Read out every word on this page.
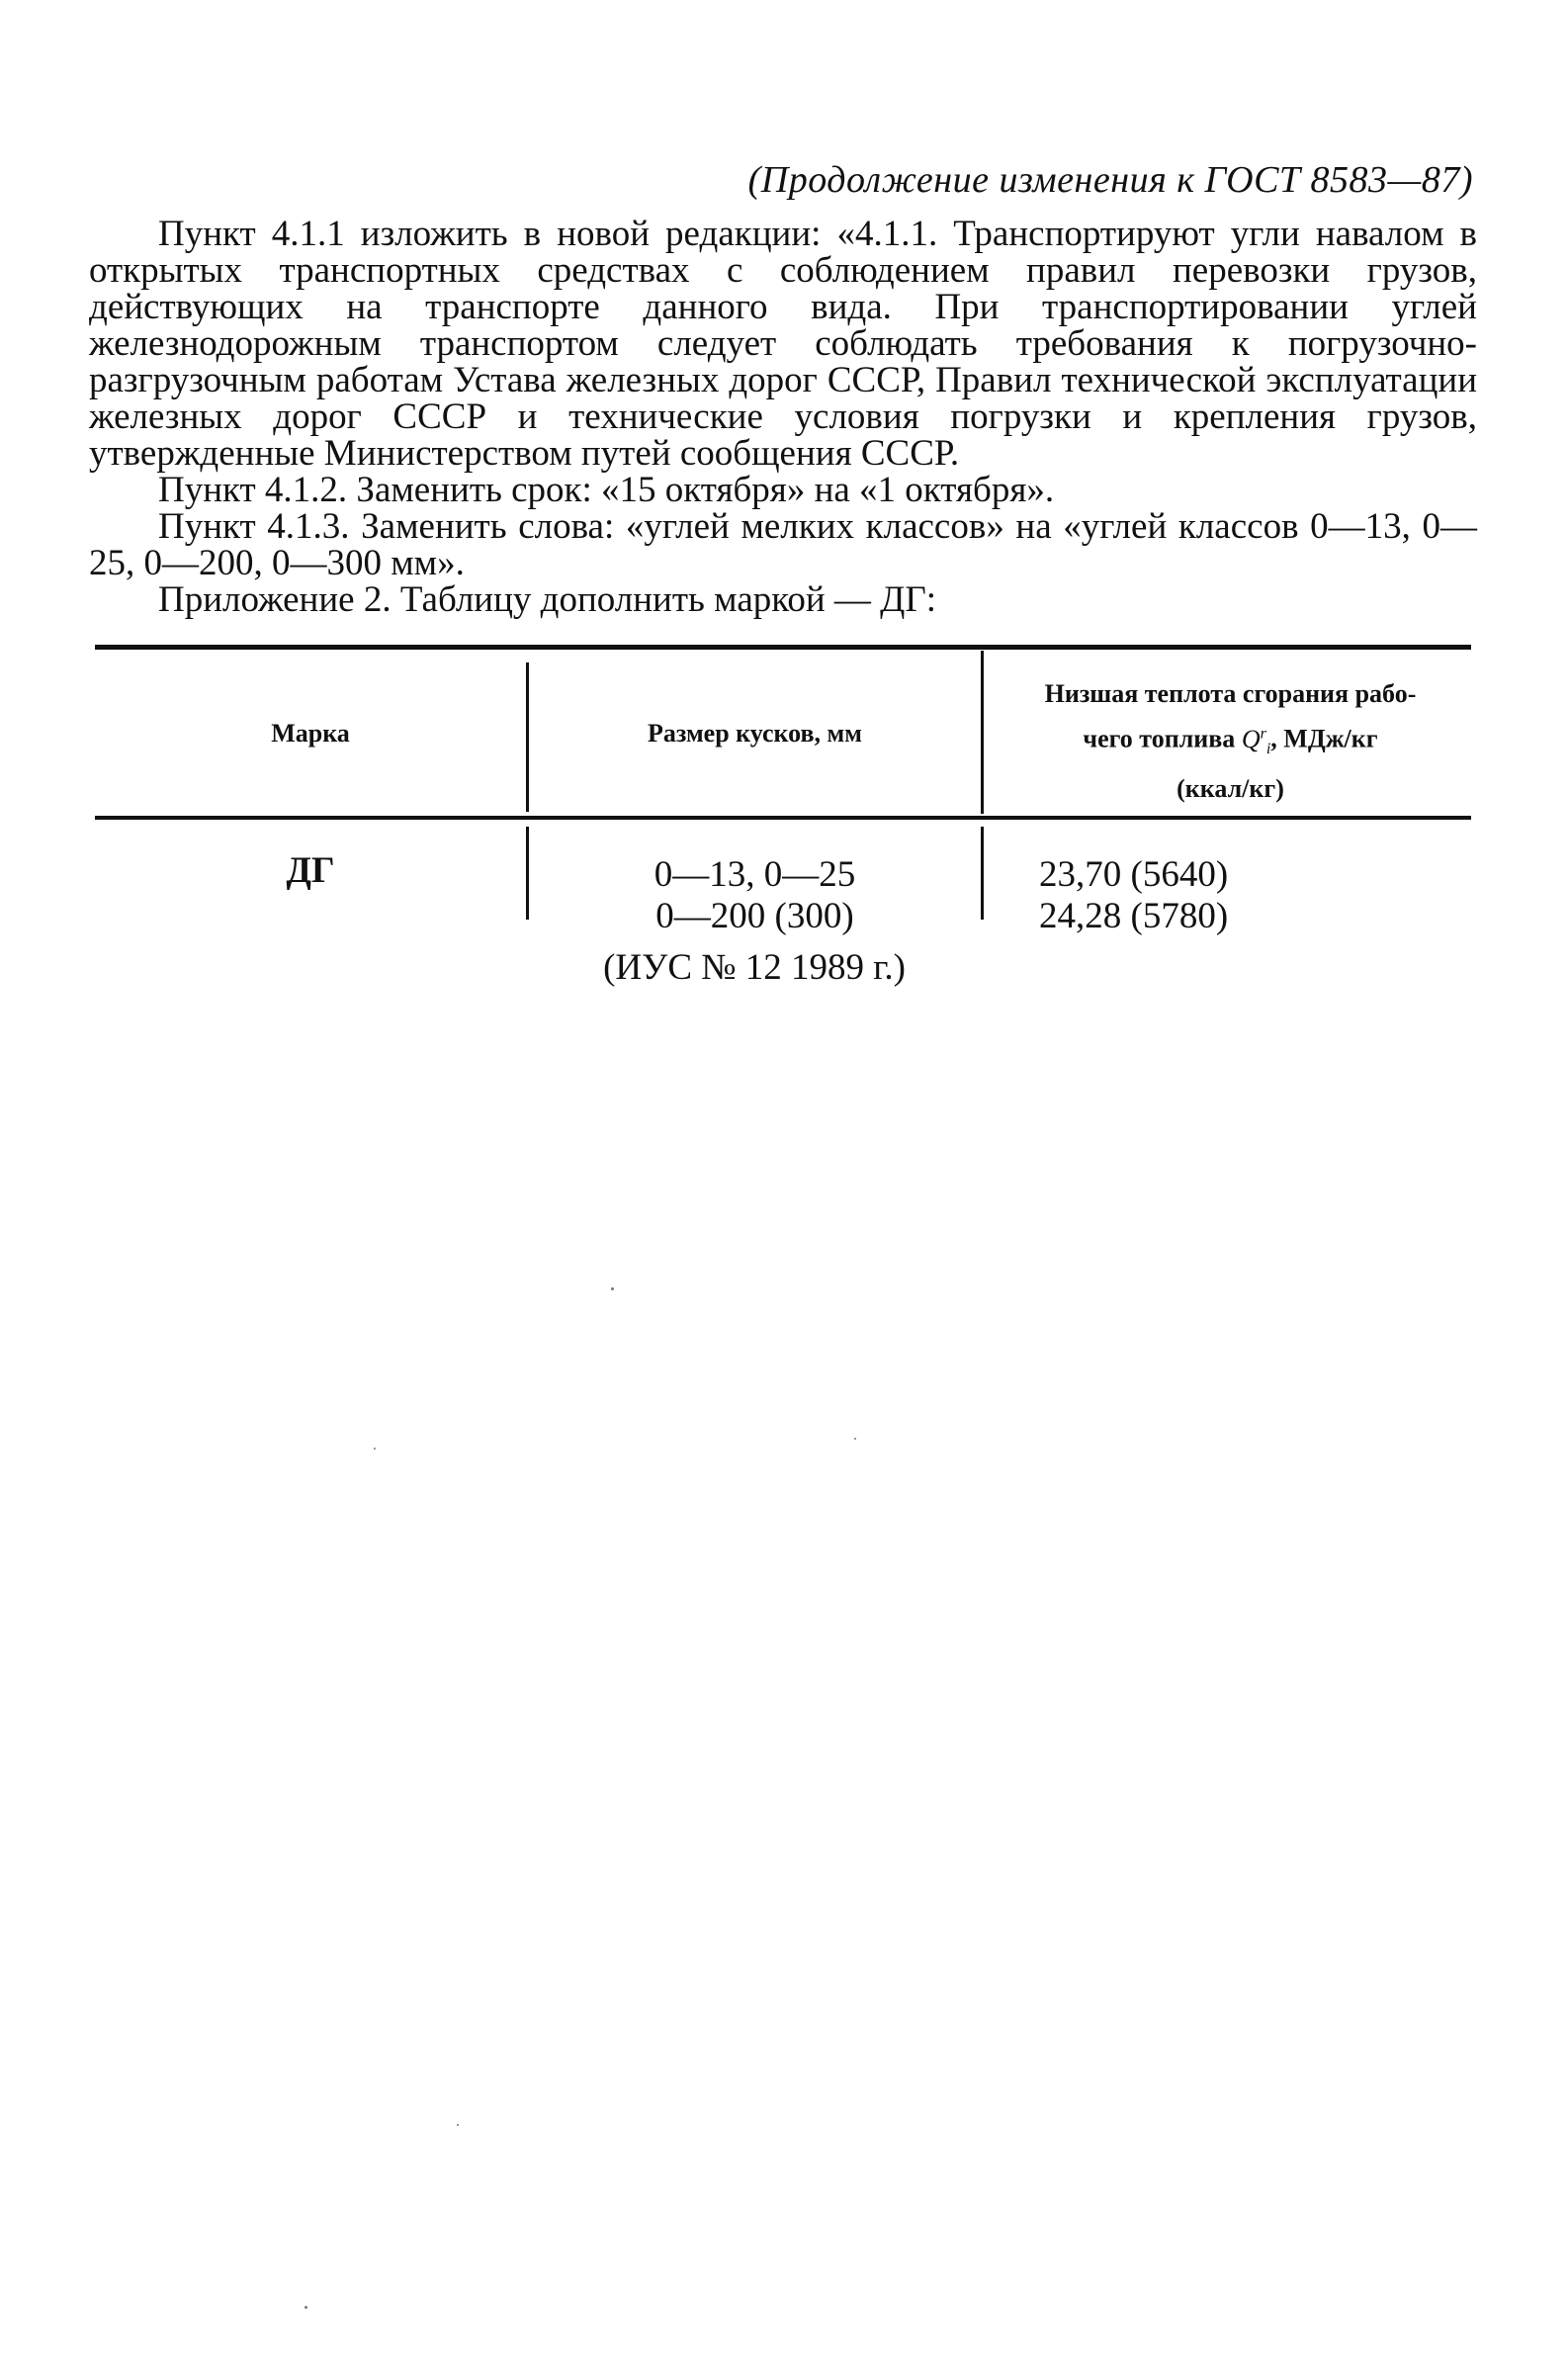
(Продолжение изменения к ГОСТ 8583—87)

Пункт 4.1.1 изложить в новой редакции: «4.1.1. Транспортируют угли навалом в открытых транспортных средствах с соблюдением правил перевозки грузов, действующих на транспорте данного вида. При транспортировании углей железнодорожным транспортом следует соблюдать требования к погрузочно-разгрузочным работам Устава железных дорог СССР, Правил технической эксплуатации железных дорог СССР и технические условия погрузки и крепления грузов, утвержденные Министерством путей сообщения СССР.

Пункт 4.1.2. Заменить срок: «15 октября» на «1 октября».

Пункт 4.1.3. Заменить слова: «углей мелких классов» на «углей классов 0—13, 0—25, 0—200, 0—300 мм».

Приложение 2. Таблицу дополнить маркой — ДГ:

Марка	Размер кусков, мм
Низшая теплота сгорания рабо-
чего топлива $Q^r_i$, МДж/кг
(ккал/кг)
ДГ	0—13, 0—25
0—200 (300)
23,70 (5640)
24,28 (5780)
(ИУС № 12 1989 г.)
